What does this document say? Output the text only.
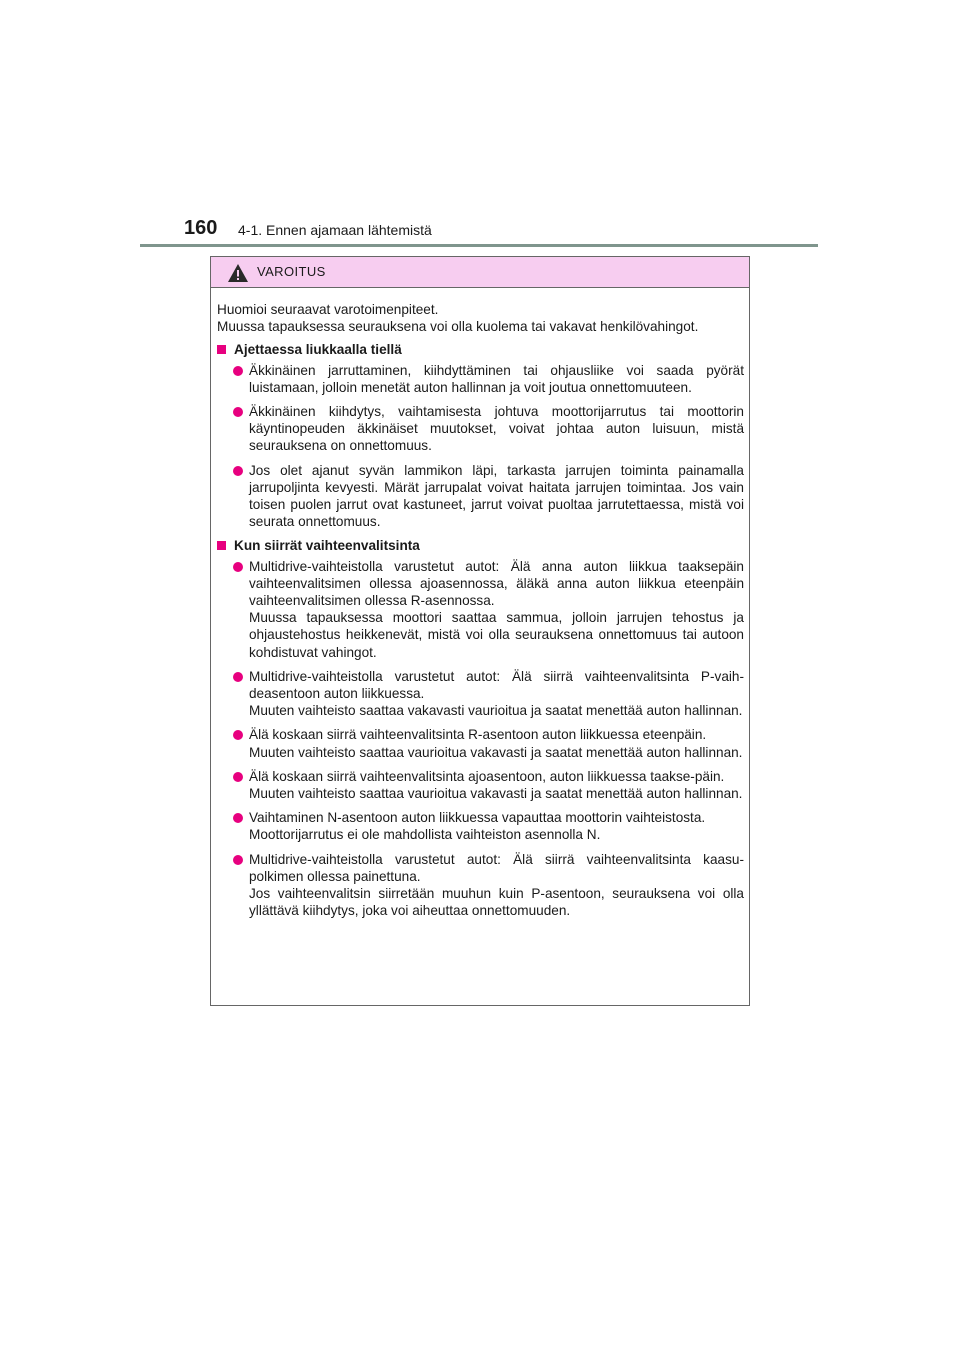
160 4-1. Ennen ajamaan lähtemistä
VAROITUS

Huomioi seuraavat varotoimenpiteet.

Muussa tapauksessa seurauksena voi olla kuolema tai vakavat henkilövahingot.

Ajettaessa liukkaalla tiellä

Äkkinäinen jarruttaminen, kiihdyttäminen tai ohjausliike voi saada pyörät luistamaan, jolloin menetät auton hallinnan ja voit joutua onnettomuuteen.

Äkkinäinen kiihdytys, vaihtamisesta johtuva moottorijarrutus tai moottorin käyntinopeuden äkkinäiset muutokset, voivat johtaa auton luisuun, mistä seurauksena on onnettomuus.

Jos olet ajanut syvän lammikon läpi, tarkasta jarrujen toiminta painamalla jarrupoljinta kevyesti. Märät jarrupalat voivat haitata jarrujen toimintaa. Jos vain toisen puolen jarrut ovat kastuneet, jarrut voivat puoltaa jarrutettaessa, mistä voi seurata onnettomuus.

Kun siirrät vaihteenvalitsinta

Multidrive-vaihteistolla varustetut autot: Älä anna auton liikkua taaksepäin vaihteenvalitsimen ollessa ajoasennossa, äläkä anna auton liikkua eteenpäin vaihteenvalitsimen ollessa R-asennossa.

Muussa tapauksessa moottori saattaa sammua, jolloin jarrujen tehostus ja ohjaustehostus heikkenevät, mistä voi olla seurauksena onnettomuus tai autoon kohdistuvat vahingot.

Multidrive-vaihteistolla varustetut autot: Älä siirrä vaihteenvalitsinta P-vaih-deasentoon auton liikkuessa.

Muuten vaihteisto saattaa vakavasti vaurioitua ja saatat menettää auton hallinnan.

Älä koskaan siirrä vaihteenvalitsinta R-asentoon auton liikkuessa eteenpäin.

Muuten vaihteisto saattaa vaurioitua vakavasti ja saatat menettää auton hallinnan.

Älä koskaan siirrä vaihteenvalitsinta ajoasentoon, auton liikkuessa taakse-päin.

Muuten vaihteisto saattaa vaurioitua vakavasti ja saatat menettää auton hallinnan.

Vaihtaminen N-asentoon auton liikkuessa vapauttaa moottorin vaihteistosta.

Moottorijarrutus ei ole mahdollista vaihteiston asennolla N.

Multidrive-vaihteistolla varustetut autot: Älä siirrä vaihteenvalitsinta kaasu-polkimen ollessa painettuna.

Jos vaihteenvalitsin siirretään muuhun kuin P-asentoon, seurauksena voi olla yllättävä kiihdytys, joka voi aiheuttaa onnettomuuden.
